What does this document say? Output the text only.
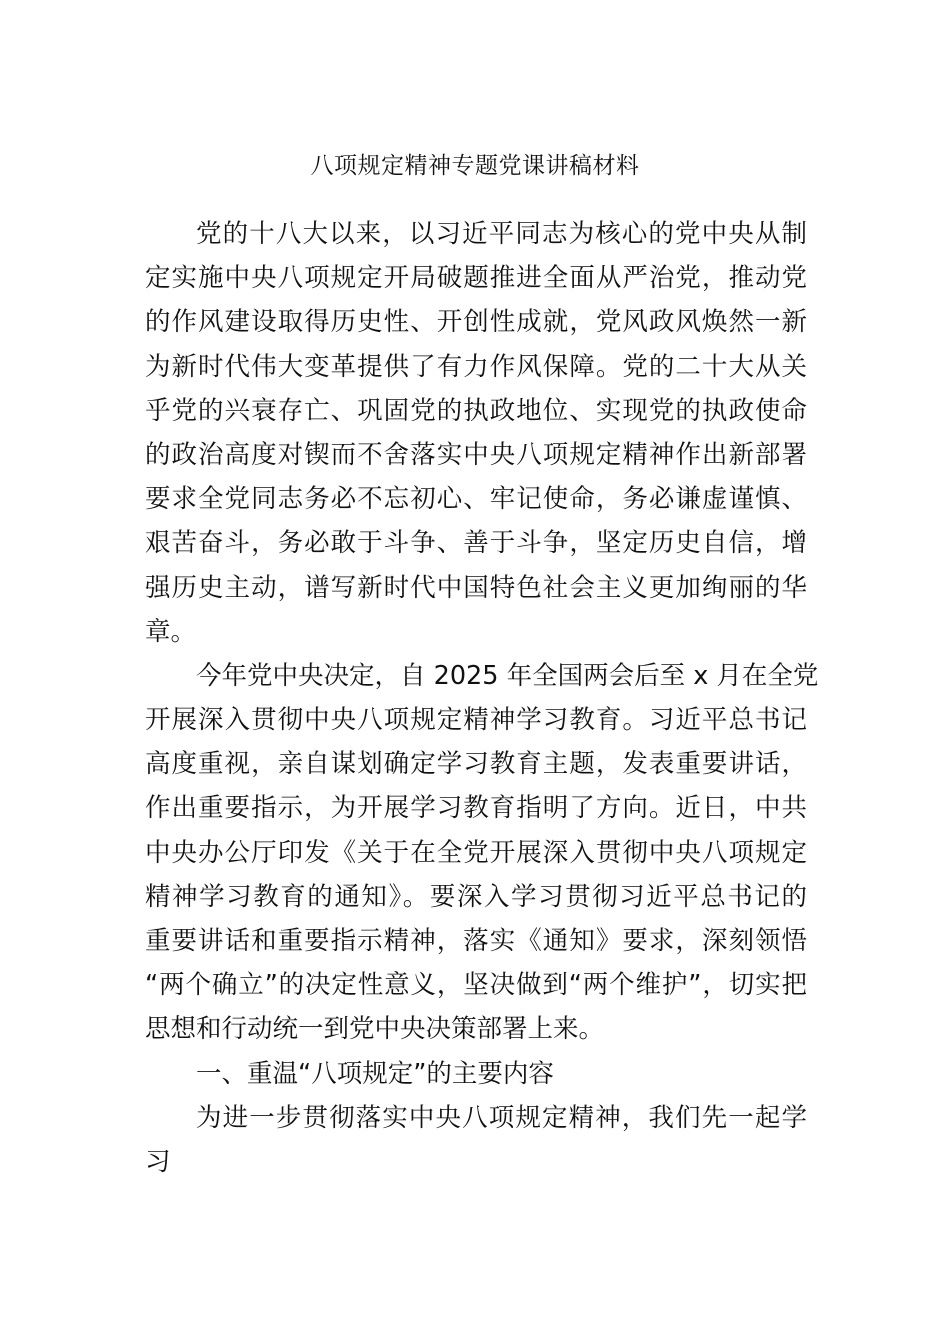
八项规定精神专题党课讲稿材料
党的十八大以来，以习近平同志为核心的党中央从制
定实施中央八项规定开局破题推进全面从严治党，推动党
的作风建设取得历史性、开创性成就，党风政风焕然一新
为新时代伟大变革提供了有力作风保障。党的二十大从关
乎党的兴衰存亡、巩固党的执政地位、实现党的执政使命
的政治高度对锲而不舍落实中央八项规定精神作出新部署
要求全党同志务必不忘初心、牢记使命，务必谦虚谨慎、
艰苦奋斗，务必敢于斗争、善于斗争，坚定历史自信，增
强历史主动，谱写新时代中国特色社会主义更加绚丽的华
章。
今年党中央决定，自 2025 年全国两会后至 x 月在全党
开展深入贯彻中央八项规定精神学习教育。习近平总书记
高度重视，亲自谋划确定学习教育主题，发表重要讲话，
作出重要指示，为开展学习教育指明了方向。近日，中共
中央办公厅印发《关于在全党开展深入贯彻中央八项规定
精神学习教育的通知》。要深入学习贯彻习近平总书记的
重要讲话和重要指示精神，落实《通知》要求，深刻领悟
“两个确立”的决定性意义，坚决做到“两个维护”，切实把
思想和行动统一到党中央决策部署上来。
一、重温“八项规定”的主要内容
为进一步贯彻落实中央八项规定精神，我们先一起学
习
